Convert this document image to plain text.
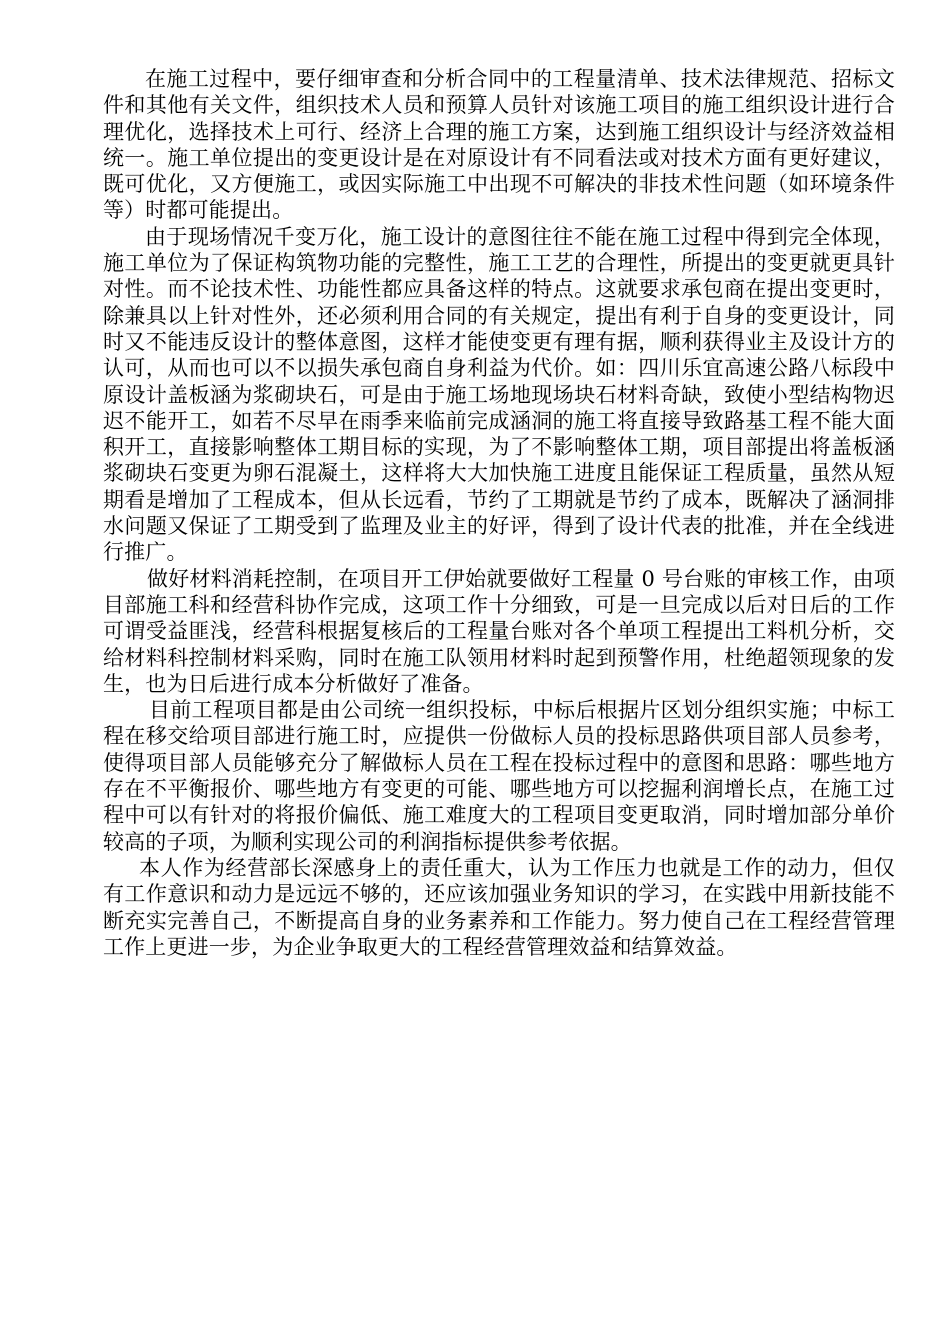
在施工过程中，要仔细审查和分析合同中的工程量清单、技术法律规范、招标文件和其他有关文件，组织技术人员和预算人员针对该施工项目的施工组织设计进行合理优化，选择技术上可行、经济上合理的施工方案，达到施工组织设计与经济效益相统一。施工单位提出的变更设计是在对原设计有不同看法或对技术方面有更好建议，既可优化，又方便施工，或因实际施工中出现不可解决的非技术性问题（如环境条件等）时都可能提出。

由于现场情况千变万化，施工设计的意图往往不能在施工过程中得到完全体现，施工单位为了保证构筑物功能的完整性，施工工艺的合理性，所提出的变更就更具针对性。而不论技术性、功能性都应具备这样的特点。这就要求承包商在提出变更时，除兼具以上针对性外，还必须利用合同的有关规定，提出有利于自身的变更设计，同时又不能违反设计的整体意图，这样才能使变更有理有据，顺利获得业主及设计方的认可，从而也可以不以损失承包商自身利益为代价。如：四川乐宜高速公路八标段中原设计盖板涵为浆砌块石，可是由于施工场地现场块石材料奇缺，致使小型结构物迟迟不能开工，如若不尽早在雨季来临前完成涵洞的施工将直接导致路基工程不能大面积开工，直接影响整体工期目标的实现，为了不影响整体工期，项目部提出将盖板涵浆砌块石变更为卵石混凝土，这样将大大加快施工进度且能保证工程质量，虽然从短期看是增加了工程成本，但从长远看，节约了工期就是节约了成本，既解决了涵洞排水问题又保证了工期受到了监理及业主的好评，得到了设计代表的批准，并在全线进行推广。

做好材料消耗控制，在项目开工伊始就要做好工程量 0 号台账的审核工作，由项目部施工科和经营科协作完成，这项工作十分细致，可是一旦完成以后对日后的工作可谓受益匪浅，经营科根据复核后的工程量台账对各个单项工程提出工料机分析，交给材料科控制材料采购，同时在施工队领用材料时起到预警作用，杜绝超领现象的发生，也为日后进行成本分析做好了准备。

目前工程项目都是由公司统一组织投标，中标后根据片区划分组织实施；中标工程在移交给项目部进行施工时，应提供一份做标人员的投标思路供项目部人员参考，使得项目部人员能够充分了解做标人员在工程在投标过程中的意图和思路：哪些地方存在不平衡报价、哪些地方有变更的可能、哪些地方可以挖掘利润增长点，在施工过程中可以有针对的将报价偏低、施工难度大的工程项目变更取消，同时增加部分单价较高的子项，为顺利实现公司的利润指标提供参考依据。

本人作为经营部长深感身上的责任重大，认为工作压力也就是工作的动力，但仅有工作意识和动力是远远不够的，还应该加强业务知识的学习，在实践中用新技能不断充实完善自己，不断提高自身的业务素养和工作能力。努力使自己在工程经营管理工作上更进一步，为企业争取更大的工程经营管理效益和结算效益。
